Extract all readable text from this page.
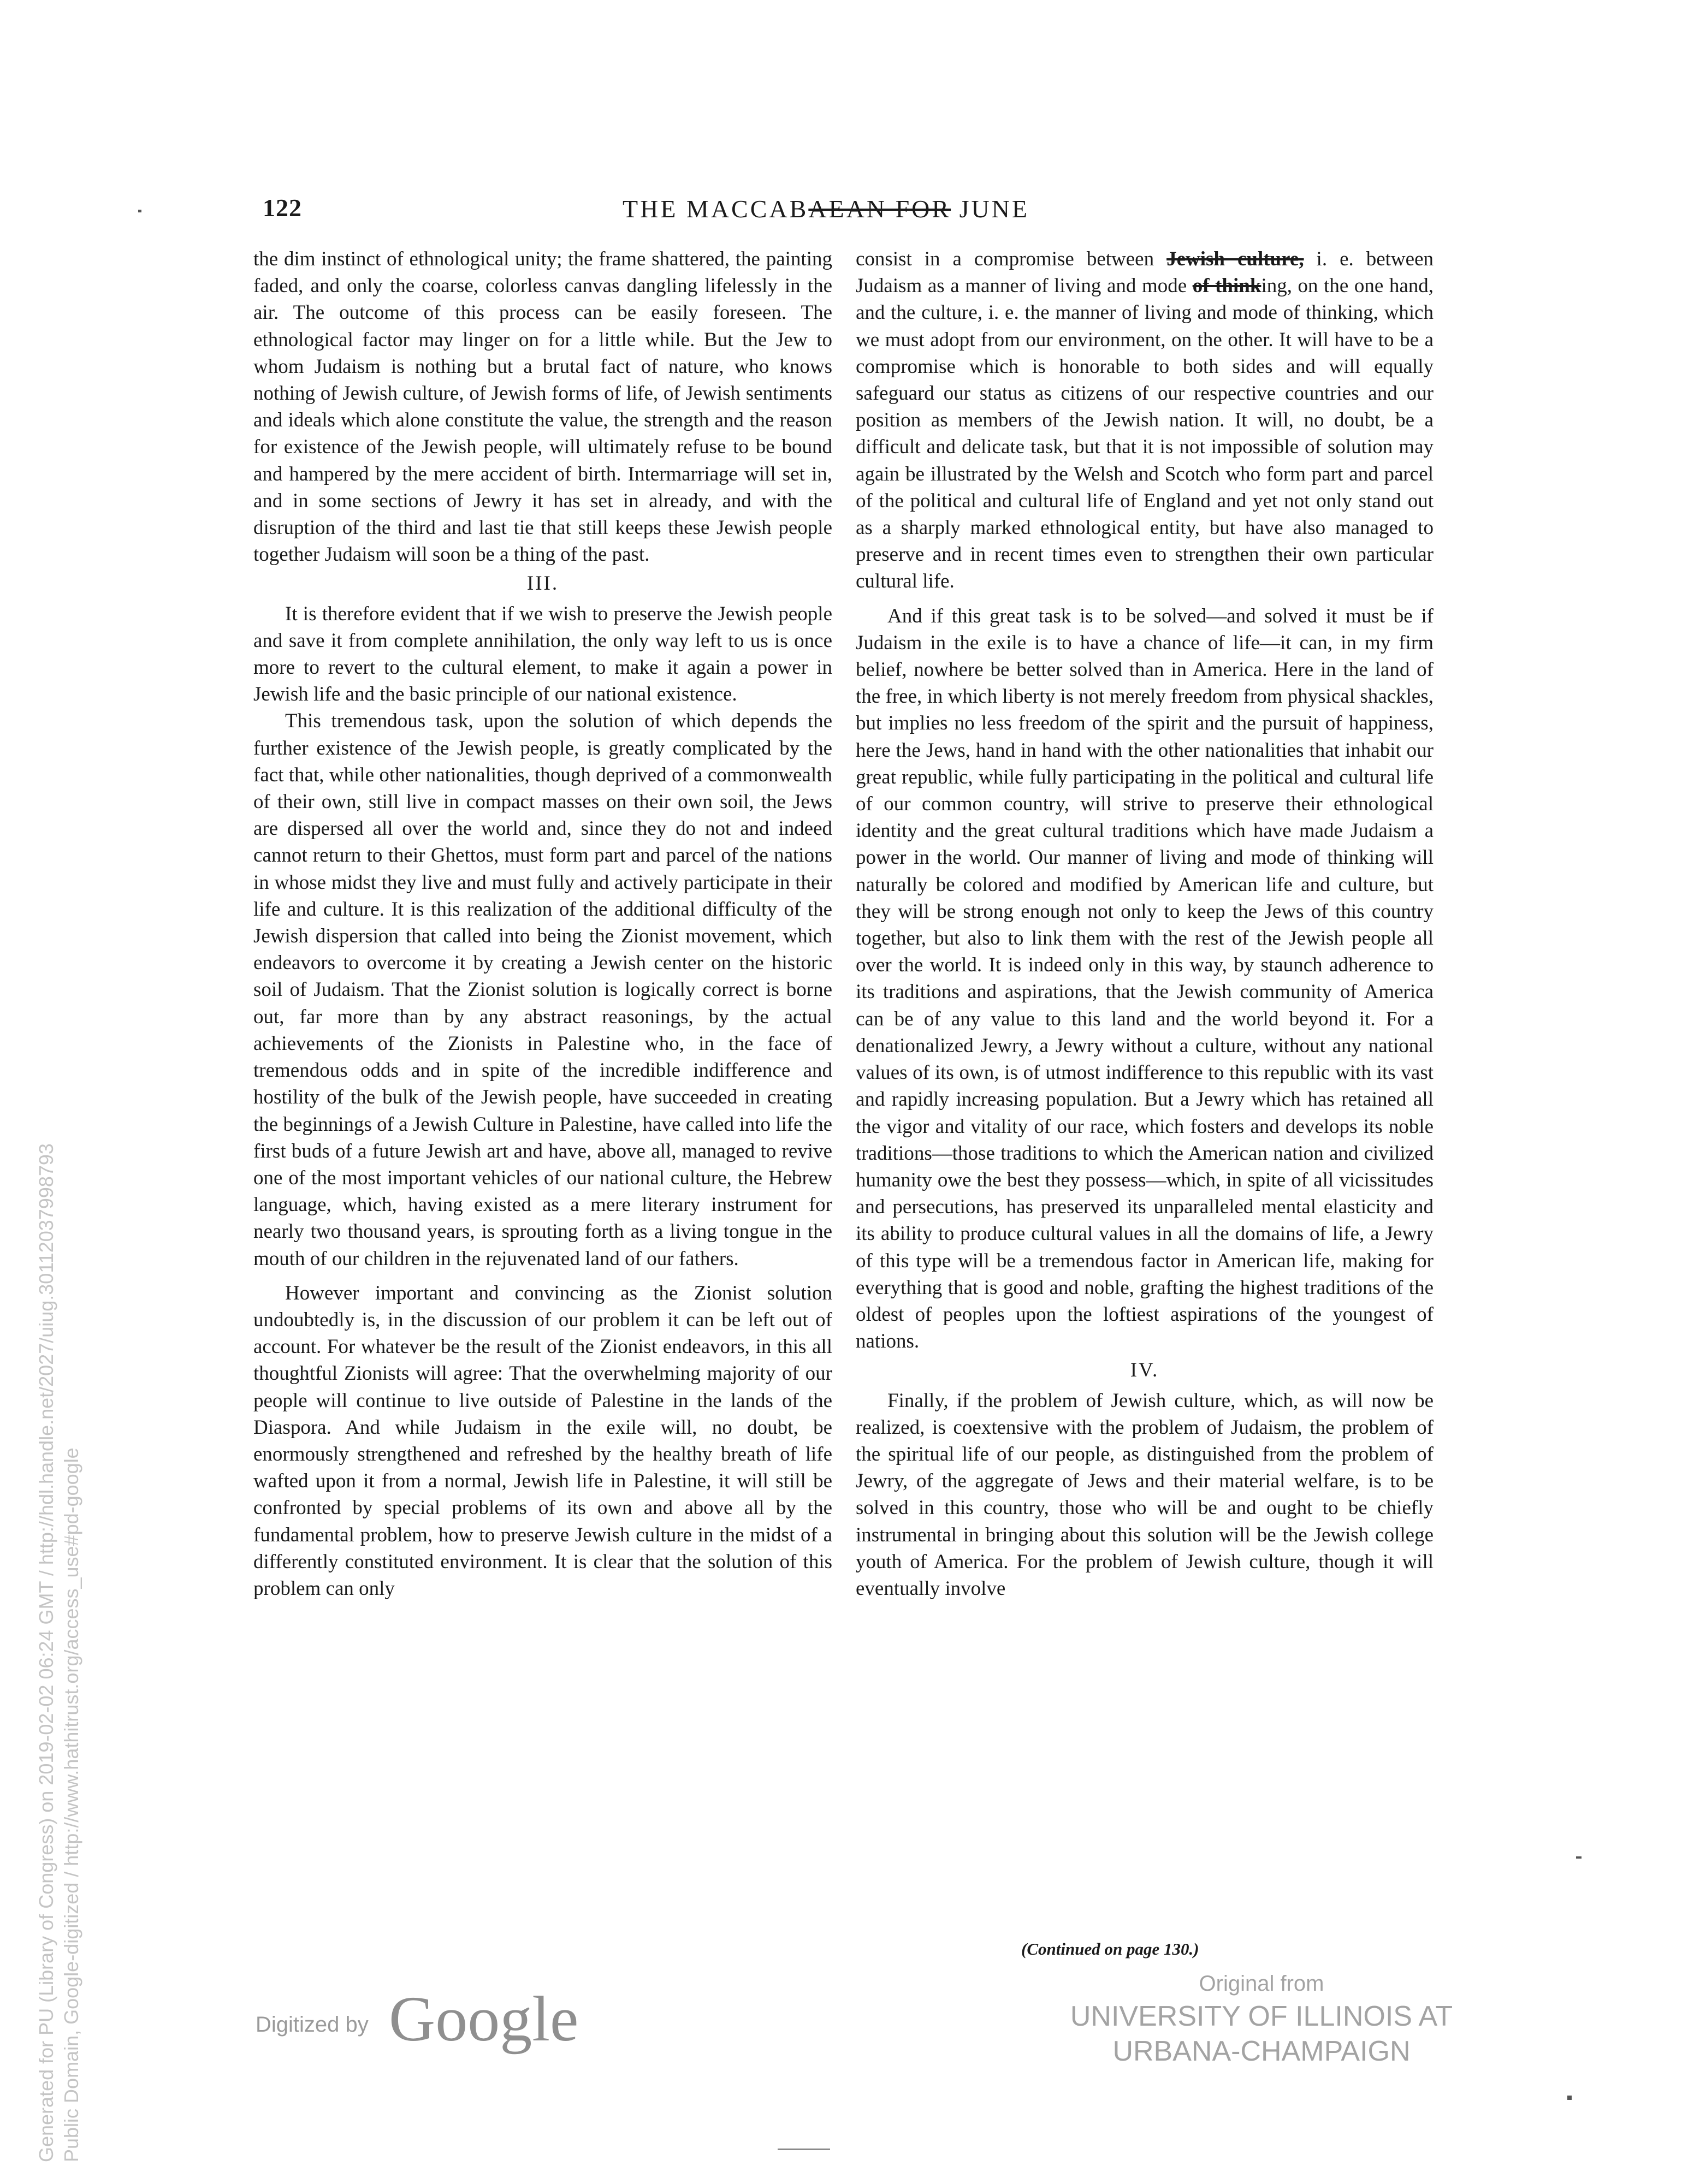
122	THE MACCABAEAN FOR JUNE

the dim instinct of ethnological unity; the frame shattered, the painting faded, and only the coarse, colorless canvas dangling lifelessly in the air. The outcome of this process can be easily foreseen. The ethnological factor may linger on for a little while. But the Jew to whom Judaism is nothing but a brutal fact of nature, who knows nothing of Jewish culture, of Jewish forms of life, of Jewish sentiments and ideals which alone constitute the value, the strength and the reason for existence of the Jewish people, will ultimately refuse to be bound and hampered by the mere accident of birth. Intermarriage will set in, and in some sections of Jewry it has set in already, and with the disruption of the third and last tie that still keeps these Jewish people together Judaism will soon be a thing of the past.

III.

It is therefore evident that if we wish to preserve the Jewish people and save it from complete annihilation, the only way left to us is once more to revert to the cultural element, to make it again a power in Jewish life and the basic principle of our national existence.

This tremendous task, upon the solution of which depends the further existence of the Jewish people, is greatly complicated by the fact that, while other nationalities, though deprived of a commonwealth of their own, still live in compact masses on their own soil, the Jews are dispersed all over the world and, since they do not and indeed cannot return to their Ghettos, must form part and parcel of the nations in whose midst they live and must fully and actively participate in their life and culture. It is this realization of the additional difficulty of the Jewish dispersion that called into being the Zionist movement, which endeavors to overcome it by creating a Jewish center on the historic soil of Judaism. That the Zionist solution is logically correct is borne out, far more than by any abstract reasonings, by the actual achievements of the Zionists in Palestine who, in the face of tremendous odds and in spite of the incredible indifference and hostility of the bulk of the Jewish people, have succeeded in creating the beginnings of a Jewish Culture in Palestine, have called into life the first buds of a future Jewish art and have, above all, managed to revive one of the most important vehicles of our national culture, the Hebrew language, which, having existed as a mere literary instrument for nearly two thousand years, is sprouting forth as a living tongue in the mouth of our children in the rejuvenated land of our fathers.

However important and convincing as the Zionist solution undoubtedly is, in the discussion of our problem it can be left out of account. For whatever be the result of the Zionist endeavors, in this all thoughtful Zionists will agree: That the overwhelming majority of our people will continue to live outside of Palestine in the lands of the Diaspora. And while Judaism in the exile will, no doubt, be enormously strengthened and refreshed by the healthy breath of life wafted upon it from a normal, Jewish life in Palestine, it will still be confronted by special problems of its own and above all by the fundamental problem, how to preserve Jewish culture in the midst of a differently constituted environment. It is clear that the solution of this problem can only

consist in a compromise between Jewish culture, i. e. between Judaism as a manner of living and mode of thinking, on the one hand, and the culture, i. e. the manner of living and mode of thinking, which we must adopt from our environment, on the other. It will have to be a compromise which is honorable to both sides and will equally safeguard our status as citizens of our respective countries and our position as members of the Jewish nation. It will, no doubt, be a difficult and delicate task, but that it is not impossible of solution may again be illustrated by the Welsh and Scotch who form part and parcel of the political and cultural life of England and yet not only stand out as a sharply marked ethnological entity, but have also managed to preserve and in recent times even to strengthen their own particular cultural life.

And if this great task is to be solved—and solved it must be if Judaism in the exile is to have a chance of life—it can, in my firm belief, nowhere be better solved than in America. Here in the land of the free, in which liberty is not merely freedom from physical shackles, but implies no less freedom of the spirit and the pursuit of happiness, here the Jews, hand in hand with the other nationalities that inhabit our great republic, while fully participating in the political and cultural life of our common country, will strive to preserve their ethnological identity and the great cultural traditions which have made Judaism a power in the world. Our manner of living and mode of thinking will naturally be colored and modified by American life and culture, but they will be strong enough not only to keep the Jews of this country together, but also to link them with the rest of the Jewish people all over the world. It is indeed only in this way, by staunch adherence to its traditions and aspirations, that the Jewish community of America can be of any value to this land and the world beyond it. For a denationalized Jewry, a Jewry without a culture, without any national values of its own, is of utmost indifference to this republic with its vast and rapidly increasing population. But a Jewry which has retained all the vigor and vitality of our race, which fosters and develops its noble traditions—those traditions to which the American nation and civilized humanity owe the best they possess—which, in spite of all vicissitudes and persecutions, has preserved its unparalleled mental elasticity and its ability to produce cultural values in all the domains of life, a Jewry of this type will be a tremendous factor in American life, making for everything that is good and noble, grafting the highest traditions of the oldest of peoples upon the loftiest aspirations of the youngest of nations.

IV.

Finally, if the problem of Jewish culture, which, as will now be realized, is coextensive with the problem of Judaism, the problem of the spiritual life of our people, as distinguished from the problem of Jewry, of the aggregate of Jews and their material welfare, is to be solved in this country, those who will be and ought to be chiefly instrumental in bringing about this solution will be the Jewish college youth of America. For the problem of Jewish culture, though it will eventually involve

(Continued on page 130.)
Digitized by Google	Original from
UNIVERSITY OF ILLINOIS AT
URBANA-CHAMPAIGN
Generated for PU (Library of Congress) on 2019-02-02 06:24 GMT / http://hdl.handle.net/2027/uiug.30112037998793 Public Domain, Google-digitized / http://www.hathitrust.org/access_use#pd-google
